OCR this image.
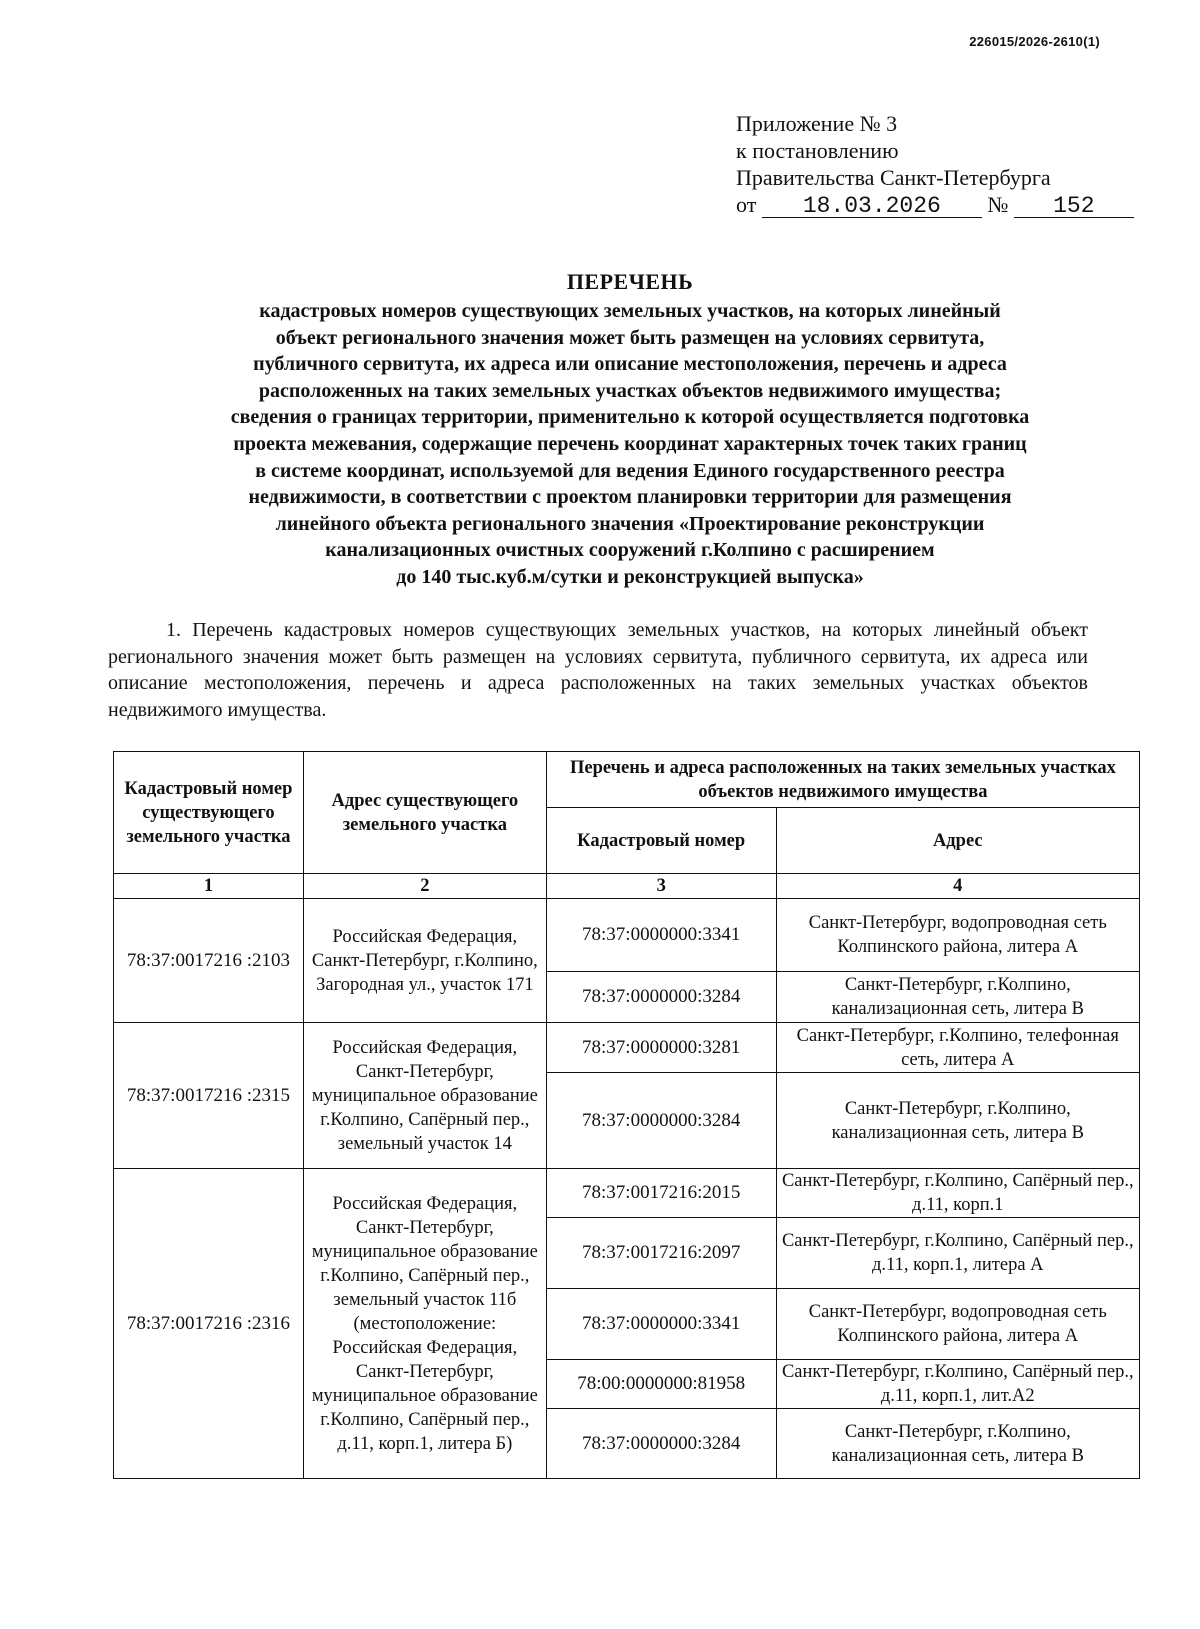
226015/2026-2610(1)
Приложение № 3
к постановлению
Правительства Санкт-Петербурга
от 18.03.2026 № 152
ПЕРЕЧЕНЬ
кадастровых номеров существующих земельных участков, на которых линейный
объект регионального значения может быть размещен на условиях сервитута,
публичного сервитута, их адреса или описание местоположения, перечень и адреса
расположенных на таких земельных участках объектов недвижимого имущества;
сведения о границах территории, применительно к которой осуществляется подготовка
проекта межевания, содержащие перечень координат характерных точек таких границ
в системе координат, используемой для ведения Единого государственного реестра
недвижимости, в соответствии с проектом планировки территории для размещения
линейного объекта регионального значения «Проектирование реконструкции
канализационных очистных сооружений г.Колпино с расширением
до 140 тыс.куб.м/сутки и реконструкцией выпуска»
1. Перечень кадастровых номеров существующих земельных участков, на которых линейный объект регионального значения может быть размещен на условиях сервитута, публичного сервитута, их адреса или описание местоположения, перечень и адреса расположенных на таких земельных участках объектов недвижимого имущества.
Кадастровый номер существующего земельного участка	Адрес существующего земельного участка	Перечень и адреса расположенных на таких земельных участках объектов недвижимого имущества	
		Кадастровый номер	Адрес
1	2	3	4
78:37:0017216 :2103	Российская Федерация, Санкт-Петербург, г.Колпино, Загородная ул., участок 171	78:37:0000000:3341	Санкт-Петербург, водопроводная сеть Колпинского района, литера А
		78:37:0000000:3284	Санкт-Петербург, г.Колпино, канализационная сеть, литера В
78:37:0017216 :2315	Российская Федерация, Санкт-Петербург, муниципальное образование г.Колпино, Сапёрный пер., земельный участок 14	78:37:0000000:3281	Санкт-Петербург, г.Колпино, телефонная сеть, литера А
		78:37:0000000:3284	Санкт-Петербург, г.Колпино, канализационная сеть, литера В
78:37:0017216 :2316	Российская Федерация, Санкт-Петербург, муниципальное образование г.Колпино, Сапёрный пер., земельный участок 11б (местоположение: Российская Федерация, Санкт-Петербург, муниципальное образование г.Колпино, Сапёрный пер., д.11, корп.1, литера Б)	78:37:0017216:2015	Санкт-Петербург, г.Колпино, Сапёрный пер., д.11, корп.1
		78:37:0017216:2097	Санкт-Петербург, г.Колпино, Сапёрный пер., д.11, корп.1, литера А
		78:37:0000000:3341	Санкт-Петербург, водопроводная сеть Колпинского района, литера А
		78:00:0000000:81958	Санкт-Петербург, г.Колпино, Сапёрный пер., д.11, корп.1, лит.А2
		78:37:0000000:3284	Санкт-Петербург, г.Колпино, канализационная сеть, литера В
